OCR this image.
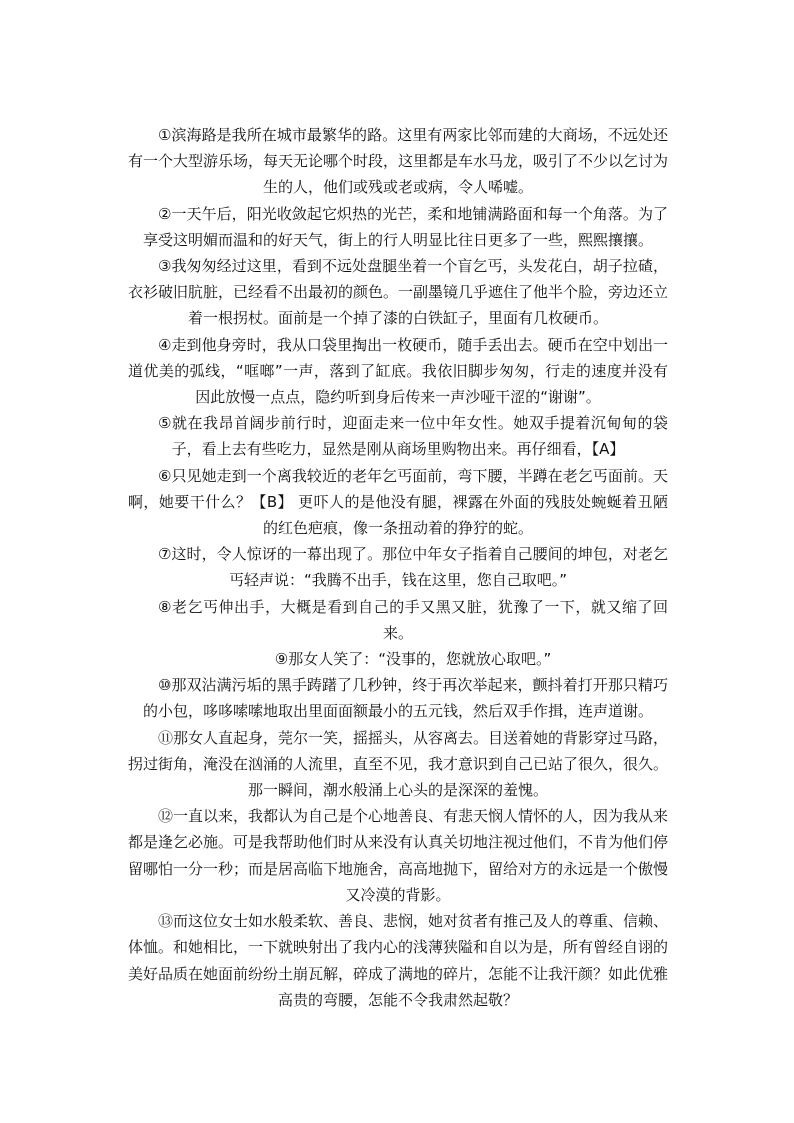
①滨海路是我所在城市最繁华的路。这里有两家比邻而建的大商场，不远处还有一个大型游乐场，每天无论哪个时段，这里都是车水马龙，吸引了不少以乞讨为生的人，他们或残或老或病，令人唏嘘。

②一天午后，阳光收敛起它炽热的光芒，柔和地铺满路面和每一个角落。为了享受这明媚而温和的好天气，街上的行人明显比往日更多了一些，熙熙攘攘。

③我匆匆经过这里，看到不远处盘腿坐着一个盲乞丐，头发花白，胡子拉碴，衣衫破旧肮脏，已经看不出最初的颜色。一副墨镜几乎遮住了他半个脸，旁边还立着一根拐杖。面前是一个掉了漆的白铁缸子，里面有几枚硬币。

④走到他身旁时，我从口袋里掏出一枚硬币，随手丢出去。硬币在空中划出一道优美的弧线，“哐啷”一声，落到了缸底。我依旧脚步匆匆，行走的速度并没有因此放慢一点点，隐约听到身后传来一声沙哑干涩的“谢谢”。

⑤就在我昂首阔步前行时，迎面走来一位中年女性。她双手提着沉甸甸的袋子，看上去有些吃力，显然是刚从商场里购物出来。再仔细看，【A】

⑥只见她走到一个离我较近的老年乞丐面前，弯下腰，半蹲在老乞丐面前。天啊，她要干什么？【B】 更吓人的是他没有腿，裸露在外面的残肢处蜿蜒着丑陋的红色疤痕，像一条扭动着的狰狞的蛇。

⑦这时，令人惊讶的一幕出现了。那位中年女子指着自己腰间的坤包，对老乞丐轻声说：“我腾不出手，钱在这里，您自己取吧。”

⑧老乞丐伸出手，大概是看到自己的手又黑又脏，犹豫了一下，就又缩了回来。

⑨那女人笑了：“没事的，您就放心取吧。”

⑩那双沾满污垢的黑手踌躇了几秒钟，终于再次举起来，颤抖着打开那只精巧的小包，哆哆嗦嗦地取出里面面额最小的五元钱，然后双手作揖，连声道谢。

⑪那女人直起身，莞尔一笑，摇摇头，从容离去。目送着她的背影穿过马路，拐过街角，淹没在汹涌的人流里，直至不见，我才意识到自己已站了很久，很久。那一瞬间，潮水般涌上心头的是深深的羞愧。

⑫一直以来，我都认为自己是个心地善良、有悲天悯人情怀的人，因为我从来都是逢乞必施。可是我帮助他们时从来没有认真关切地注视过他们，不肯为他们停留哪怕一分一秒；而是居高临下地施舍，高高地抛下，留给对方的永远是一个傲慢又冷漠的背影。

⑬而这位女士如水般柔软、善良、悲悯，她对贫者有推己及人的尊重、信赖、体恤。和她相比，一下就映射出了我内心的浅薄狭隘和自以为是，所有曾经自诩的美好品质在她面前纷纷土崩瓦解，碎成了满地的碎片，怎能不让我汗颜？如此优雅高贵的弯腰，怎能不令我肃然起敬？
